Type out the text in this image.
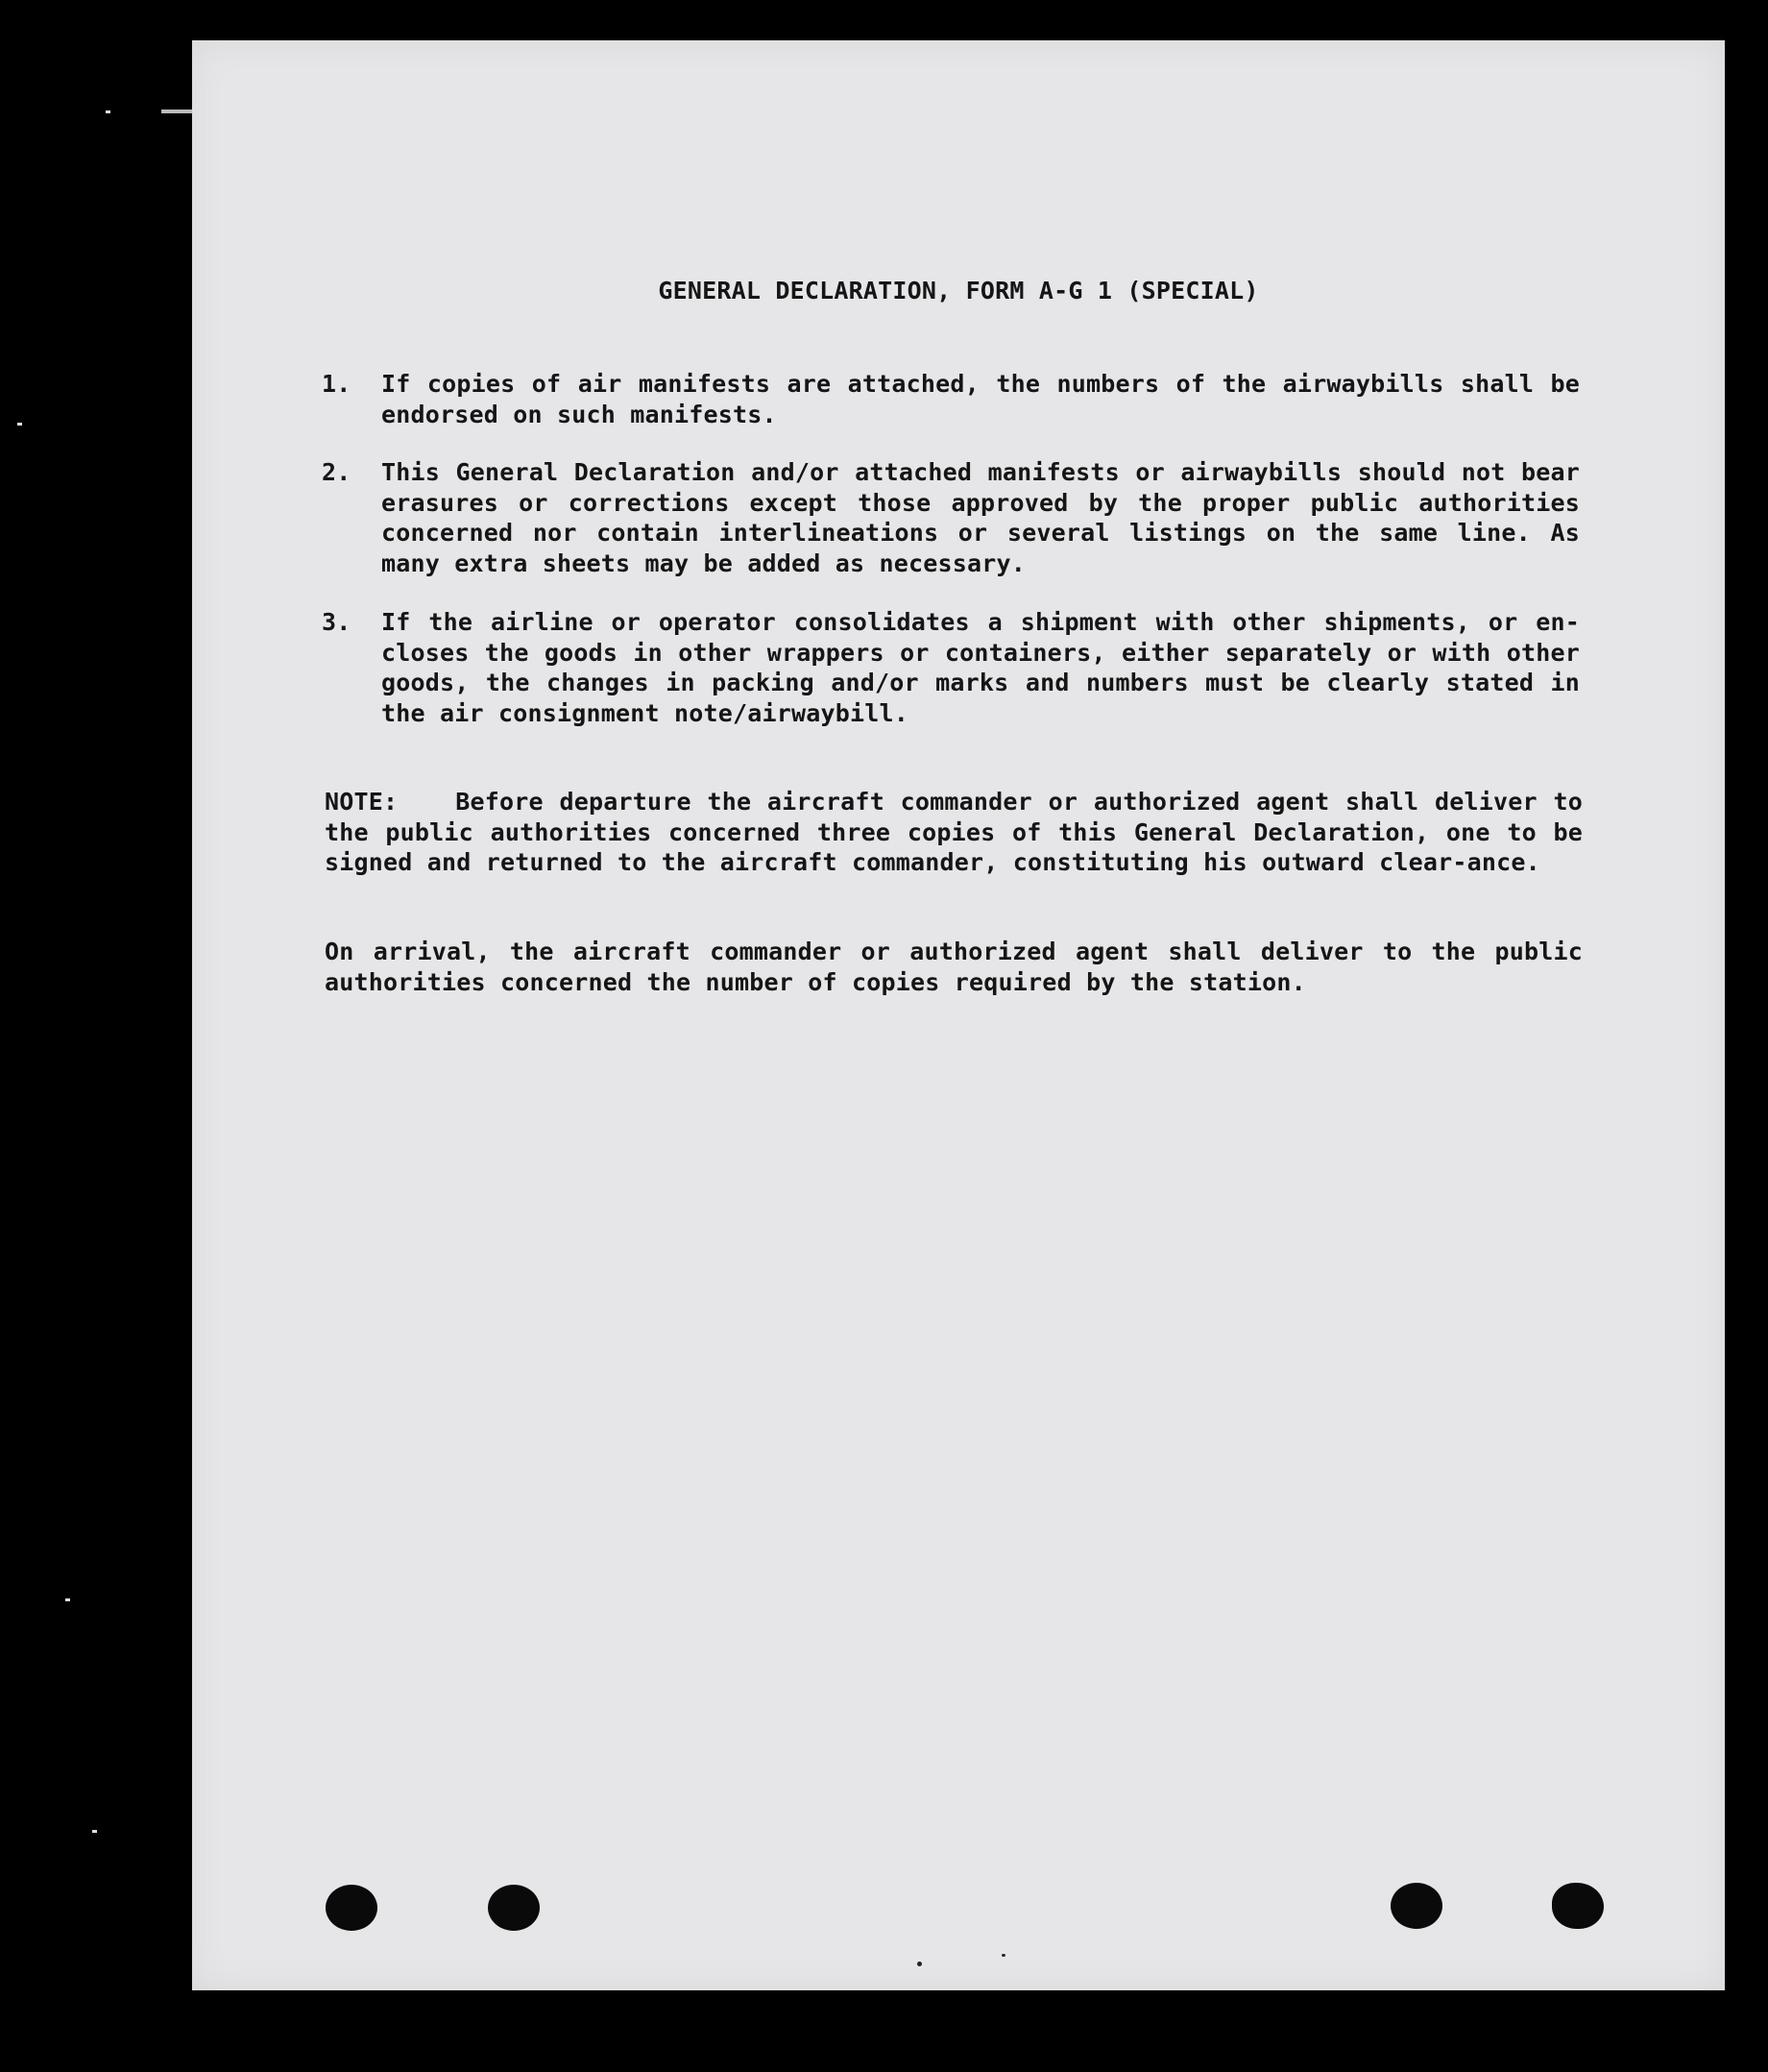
GENERAL DECLARATION, FORM A-G 1 (SPECIAL)
1.	If copies of air manifests are attached, the numbers of the airwaybills shall be endorsed on such manifests.
2.	This General Declaration and/or attached manifests or airwaybills should not bear erasures or corrections except those approved by the proper public authorities concerned nor contain interlineations or several listings on the same line. As many extra sheets may be added as necessary.
3.	If the airline or operator consolidates a shipment with other shipments, or en-closes the goods in other wrappers or containers, either separately or with other goods, the changes in packing and/or marks and numbers must be clearly stated in the air consignment note/airwaybill.
NOTE: Before departure the aircraft commander or authorized agent shall deliver to the public authorities concerned three copies of this General Declaration, one to be signed and returned to the aircraft commander, constituting his outward clear-ance.
On arrival, the aircraft commander or authorized agent shall deliver to the public authorities concerned the number of copies required by the station.
